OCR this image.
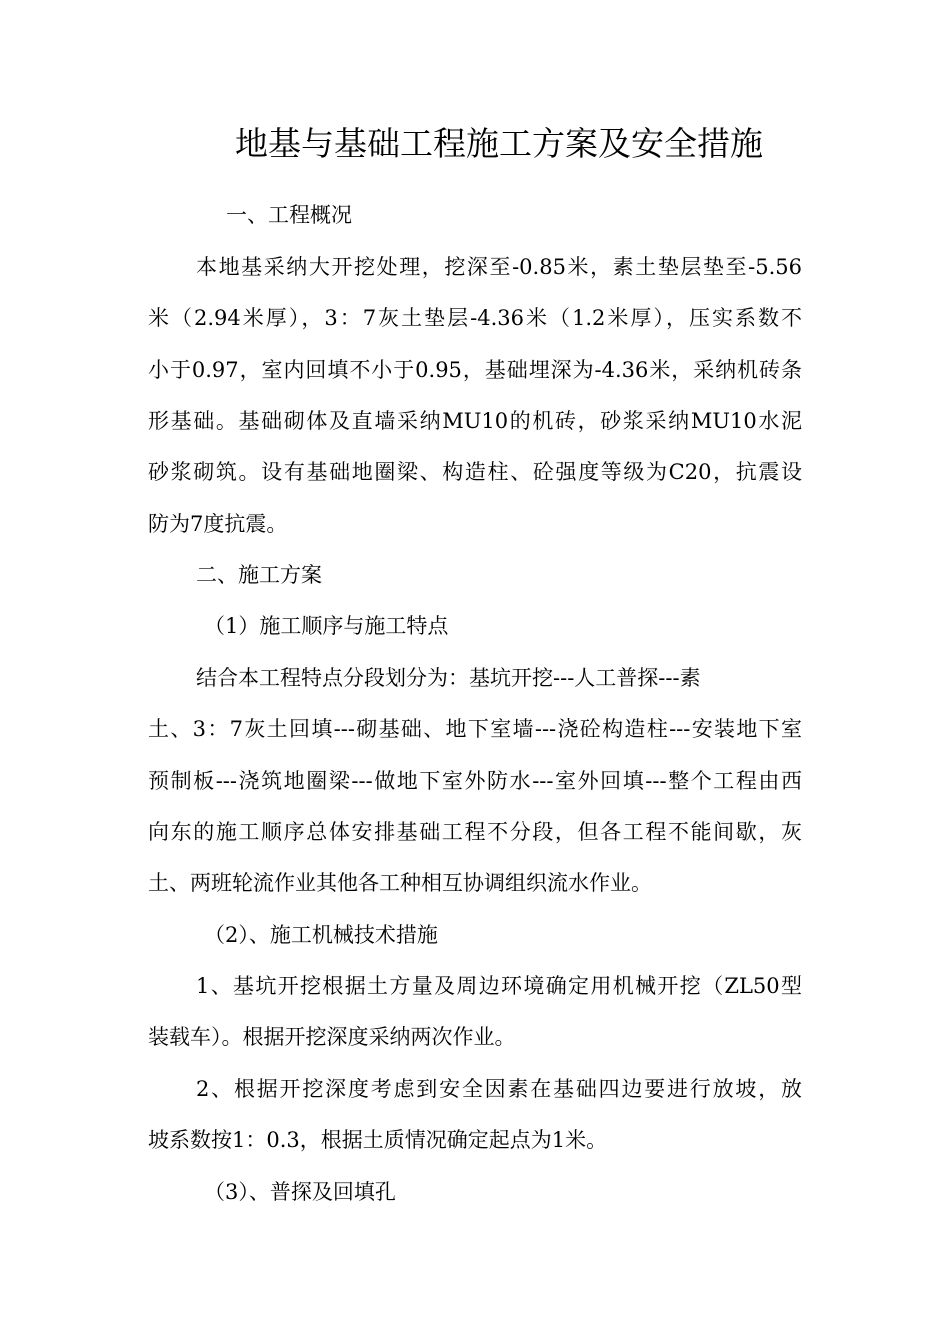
地基与基础工程施工方案及安全措施
一、工程概况
本地基采纳大开挖处理，挖深至-0.85米，素土垫层垫至-5.56
米（2.94米厚），3：7灰土垫层-4.36米（1.2米厚），压实系数不
小于0.97，室内回填不小于0.95，基础埋深为-4.36米，采纳机砖条
形基础。基础砌体及直墙采纳MU10的机砖，砂浆采纳MU10水泥
砂浆砌筑。设有基础地圈梁、构造柱、砼强度等级为C20，抗震设
防为7度抗震。
二、施工方案
（1）施工顺序与施工特点
结合本工程特点分段划分为：基坑开挖---人工普探---素
土、3：7灰土回填---砌基础、地下室墙---浇砼构造柱---安装地下室
预制板---浇筑地圈梁---做地下室外防水---室外回填---整个工程由西
向东的施工顺序总体安排基础工程不分段，但各工程不能间歇，灰
土、两班轮流作业其他各工种相互协调组织流水作业。
（2）、施工机械技术措施
1、基坑开挖根据土方量及周边环境确定用机械开挖（ZL50型
装载车）。根据开挖深度采纳两次作业。
2、根据开挖深度考虑到安全因素在基础四边要进行放坡，放
坡系数按1：0.3，根据土质情况确定起点为1米。
（3）、普探及回填孔
